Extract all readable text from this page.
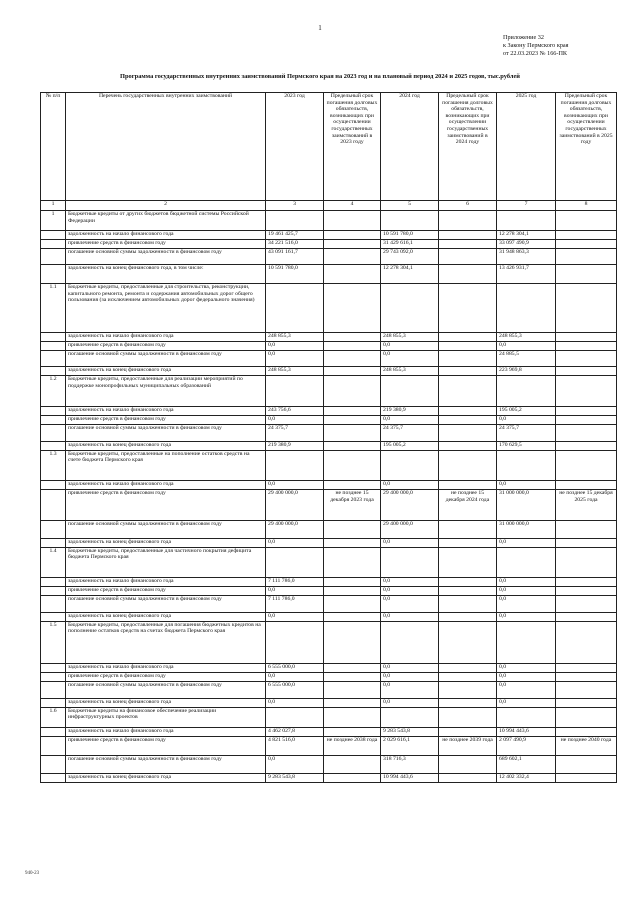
1
Приложение 32
к Закону Пермского края
от 22.03.2023 № 166-ПК
Программа государственных внутренних заимствований Пермского края на 2023 год и на плановый период 2024 и 2025 годов, тыс.рублей
№ п/п	Перечень государственных внутренних заимствований	2023 год	Предельный срок погашения долговых обязательств, возникающих при осуществлении государственных заимствований в 2023 году	2024 год	Предельный срок погашения долговых обязательств, возникающих при осуществлении государственных заимствований в 2024 году	2025 год	Предельный срок погашения долговых обязательств, возникающих при осуществлении государственных заимствований в 2025 году
1	2	3	4	5	6	7	8
1	Бюджетные кредиты от других бюджетов бюджетной системы Российской Федерации						
	задолженность на начало финансового года	19 461 425,7		10 591 780,0		12 278 304,1	
	привлечение средств в финансовом году	34 221 516,0		31 429 616,1		33 097 490,9	
	погашение основной суммы задолженности в финансовом году	43 091 161,7		29 743 092,0		31 948 863,3	
	задолженность на конец финансового года, в том числе:	10 591 780,0		12 278 304,1		13 426 931,7	
1.1	Бюджетные кредиты, предоставленные для строительства, реконструкции, капитального ремонта, ремонта и содержания автомобильных дорог общего пользования (за исключением автомобильных дорог федерального значения)						
	задолженность на начало финансового года	248 855,3		248 855,3		248 855,3	
	привлечение средств в финансовом году	0,0		0,0		0,0	
	погашение основной суммы задолженности в финансовом году	0,0		0,0		24 885,5	
	задолженность на конец финансового года	248 855,3		248 855,3		223 969,8	
1.2	Бюджетные кредиты, предоставленные для реализации мероприятий по поддержке монопрофильных муниципальных образований						
	задолженность на начало финансового года	243 756,6		219 380,9		195 005,2	
	привлечение средств в финансовом году	0,0		0,0		0,0	
	погашение основной суммы задолженности в финансовом году	24 375,7		24 375,7		24 375,7	
	задолженность на конец финансового года	219 380,9		195 005,2		170 629,5	
1.3	Бюджетные кредиты, предоставленные на пополнение остатков средств на счете бюджета Пермского края						
	задолженность на начало финансового года	0,0		0,0		0,0	
	привлечение средств в финансовом году	29 400 000,0	не позднее 15 декабря 2023 года	29 400 000,0	не позднее 15 декабря 2024 года	31 000 000,0	не позднее 15 декабря 2025 года
	погашение основной суммы задолженности в финансовом году	29 400 000,0		29 400 000,0		31 000 000,0	
	задолженность на конец финансового года	0,0		0,0		0,0	
1.4	Бюджетные кредиты, предоставленные для частичного покрытия дефицита бюджета Пермского края						
	задолженность на начало финансового года	7 111 786,0		0,0		0,0	
	привлечение средств в финансовом году	0,0		0,0		0,0	
	погашение основной суммы задолженности в финансовом году	7 111 786,0		0,0		0,0	
	задолженность на конец финансового года	0,0		0,0		0,0	
1.5	Бюджетные кредиты, предоставленные для погашения бюджетных кредитов на пополнение остатков средств на счетах бюджета Пермского края						
	задолженность на начало финансового года	6 555 000,0		0,0		0,0	
	привлечение средств в финансовом году	0,0		0,0		0,0	
	погашение основной суммы задолженности в финансовом году	6 555 000,0		0,0		0,0	
	задолженность на конец финансового года	0,0		0,0		0,0	
1.6	Бюджетные кредиты на финансовое обеспечение реализации инфраструктурных проектов						
	задолженность на начало финансового года	4 462 027,8		9 283 543,8		10 994 443,6	
	привлечение средств в финансовом году	4 821 516,0	не позднее 2038 года	2 029 616,1	не позднее 2039 года	2 097 490,9	не позднее 2040 года
	погашение основной суммы задолженности в финансовом году	0,0		318 716,3		689 602,1	
	задолженность на конец финансового года	9 283 543,8		10 994 443,6		12 402 332,4	
940-23
